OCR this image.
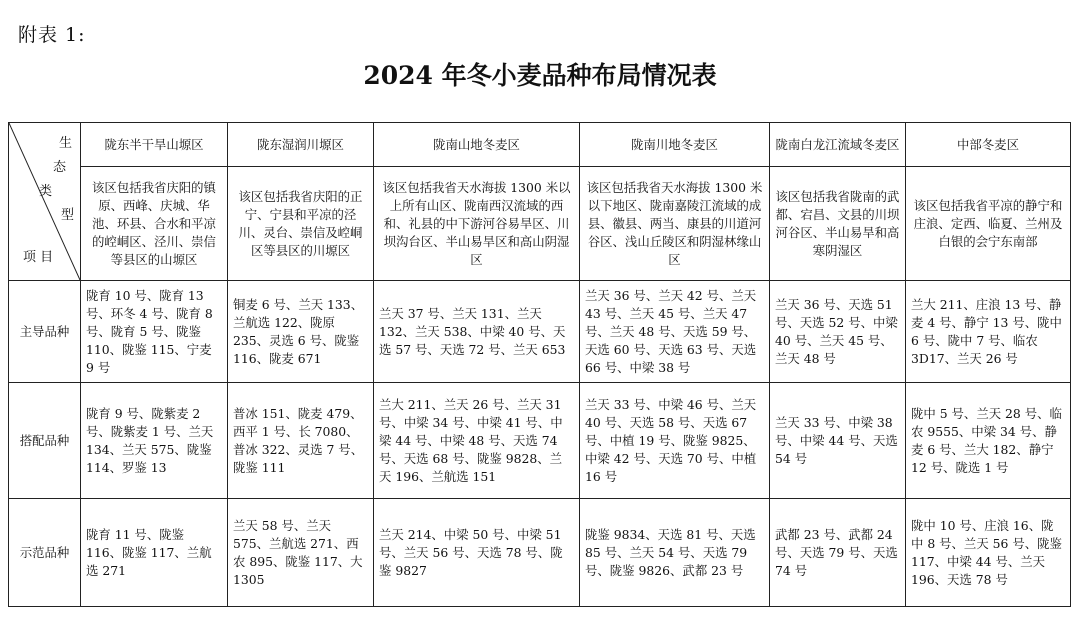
附表 1:
2024 年冬小麦品种布局情况表
生
态
类
型
项 目	陇东半干旱山塬区	陇东湿润川塬区	陇南山地冬麦区	陇南川地冬麦区	陇南白龙江流域冬麦区	中部冬麦区
	该区包括我省庆阳的镇原、西峰、庆城、华池、环县、合水和平凉的崆峒区、泾川、崇信等县区的山塬区	该区包括我省庆阳的正宁、宁县和平凉的泾川、灵台、崇信及崆峒区等县区的川塬区	该区包括我省天水海拔 1300 米以上所有山区、陇南西汉流域的西和、礼县的中下游河谷易旱区、川坝沟台区、半山易旱区和高山阴湿区	该区包括我省天水海拔 1300 米以下地区、陇南嘉陵江流域的成县、徽县、两当、康县的川道河谷区、浅山丘陵区和阴湿林缘山区	该区包括我省陇南的武都、宕昌、文县的川坝河谷区、半山易旱和高寒阴湿区	该区包括我省平凉的静宁和庄浪、定西、临夏、兰州及白银的会宁东南部
主导品种	陇育 10 号、陇育 13 号、环冬 4 号、陇育 8 号、陇育 5 号、陇鉴 110、陇鉴 115、宁麦 9 号	铜麦 6 号、兰天 133、兰航选 122、陇原 235、灵选 6 号、陇鉴 116、陇麦 671	兰天 37 号、兰天 131、兰天 132、兰天 538、中梁 40 号、天选 57 号、天选 72 号、兰天 653	兰天 36 号、兰天 42 号、兰天 43 号、兰天 45 号、兰天 47 号、兰天 48 号、天选 59 号、天选 60 号、天选 63 号、天选 66 号、中梁 38 号	兰天 36 号、天选 51 号、天选 52 号、中梁 40 号、兰天 45 号、兰天 48 号	兰大 211、庄浪 13 号、静麦 4 号、静宁 13 号、陇中 6 号、陇中 7 号、临农 3D17、兰天 26 号
搭配品种	陇育 9 号、陇紫麦 2 号、陇紫麦 1 号、兰天 134、兰天 575、陇鉴 114、罗鉴 13	普冰 151、陇麦 479、西平 1 号、长 7080、普冰 322、灵选 7 号、陇鉴 111	兰大 211、兰天 26 号、兰天 31 号、中梁 34 号、中梁 41 号、中梁 44 号、中梁 48 号、天选 74 号、天选 68 号、陇鉴 9828、兰天 196、兰航选 151	兰天 33 号、中梁 46 号、兰天 40 号、天选 58 号、天选 67 号、中植 19 号、陇鉴 9825、中梁 42 号、天选 70 号、中植 16 号	兰天 33 号、中梁 38 号、中梁 44 号、天选 54 号	陇中 5 号、兰天 28 号、临农 9555、中梁 34 号、静麦 6 号、兰大 182、静宁 12 号、陇选 1 号
示范品种	陇育 11 号、陇鉴 116、陇鉴 117、兰航选 271	兰天 58 号、兰天 575、兰航选 271、西农 895、陇鉴 117、大 1305	兰天 214、中梁 50 号、中梁 51 号、兰天 56 号、天选 78 号、陇鉴 9827	陇鉴 9834、天选 81 号、天选 85 号、兰天 54 号、天选 79 号、陇鉴 9826、武都 23 号	武都 23 号、武都 24 号、天选 79 号、天选 74 号	陇中 10 号、庄浪 16、陇中 8 号、兰天 56 号、陇鉴 117、中梁 44 号、兰天 196、天选 78 号
